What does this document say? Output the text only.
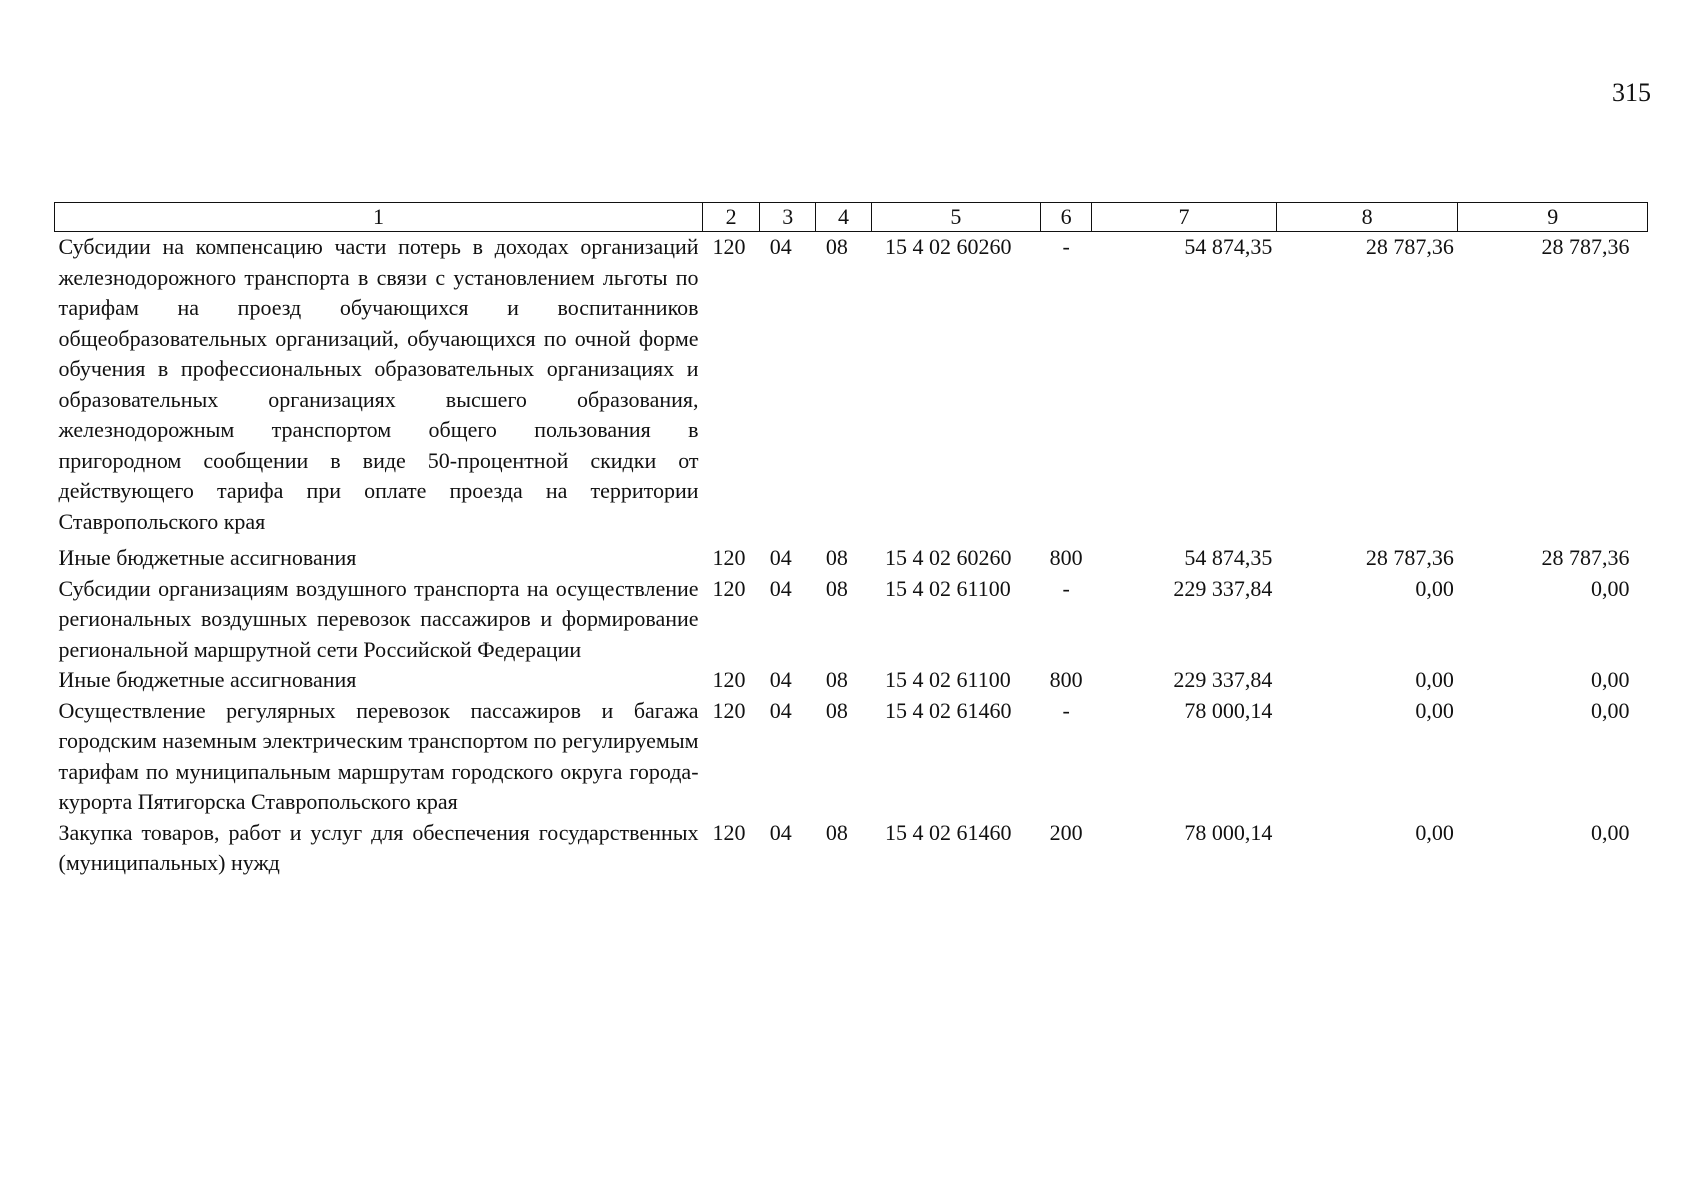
315
1	2	3	4	5	6	7	8	9
Субсидии на компенсацию части потерь в доходах организаций железнодорожного транспорта в связи с установлением льготы по тарифам на проезд обучающихся и воспитанников общеобразовательных организаций, обучающихся по очной форме обучения в профессиональных образовательных организациях и образовательных организациях высшего образования, железнодорожным транспортом общего пользования в пригородном сообщении в виде 50-процентной скидки от действующего тарифа при оплате проезда на территории Ставропольского края	120	04	08	15 4 02 60260	-	54 874,35	28 787,36	28 787,36
Иные бюджетные ассигнования	120	04	08	15 4 02 60260	800	54 874,35	28 787,36	28 787,36
Субсидии организациям воздушного транспорта на осуществление региональных воздушных перевозок пассажиров и формирование региональной маршрутной сети Российской Федерации	120	04	08	15 4 02 61100	-	229 337,84	0,00	0,00
Иные бюджетные ассигнования	120	04	08	15 4 02 61100	800	229 337,84	0,00	0,00
Осуществление регулярных перевозок пассажиров и багажа городским наземным электрическим транспортом по регулируемым тарифам по муниципальным маршрутам городского округа города-курорта Пятигорска Ставропольского края	120	04	08	15 4 02 61460	-	78 000,14	0,00	0,00
Закупка товаров, работ и услуг для обеспечения государственных (муниципальных) нужд	120	04	08	15 4 02 61460	200	78 000,14	0,00	0,00
